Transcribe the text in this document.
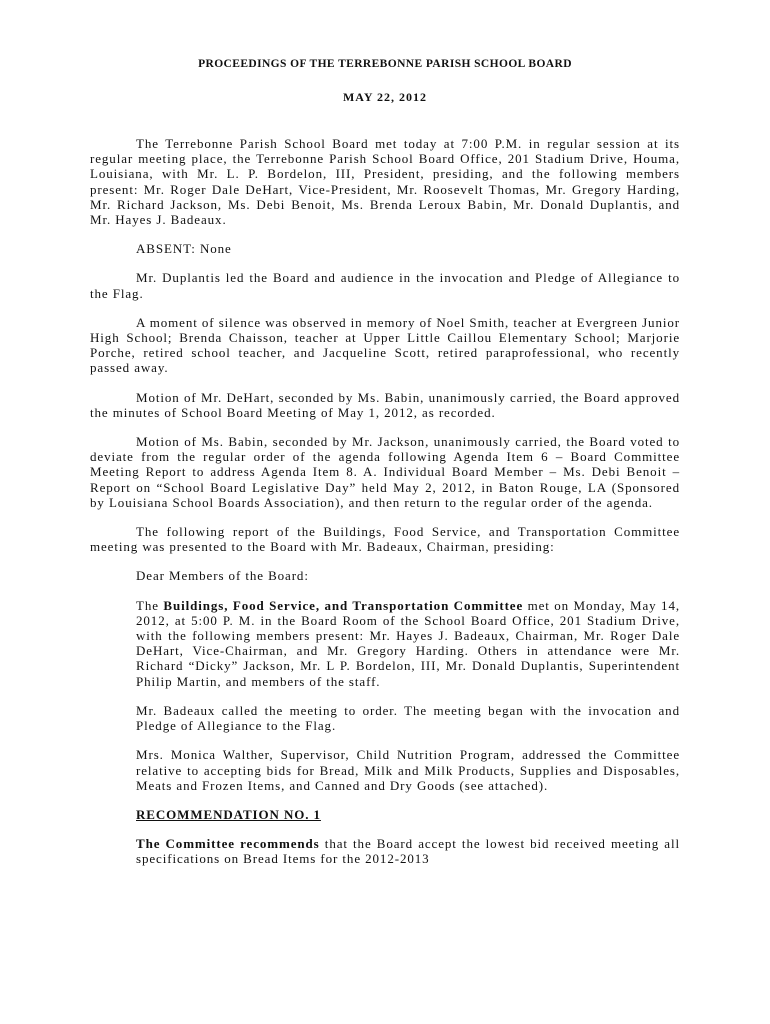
PROCEEDINGS OF THE TERREBONNE PARISH SCHOOL BOARD

MAY 22, 2012

The Terrebonne Parish School Board met today at 7:00 P.M. in regular session at its regular meeting place, the Terrebonne Parish School Board Office, 201 Stadium Drive, Houma, Louisiana, with Mr. L. P. Bordelon, III, President, presiding, and the following members present: Mr. Roger Dale DeHart, Vice-President, Mr. Roosevelt Thomas, Mr. Gregory Harding, Mr. Richard Jackson, Ms. Debi Benoit, Ms. Brenda Leroux Babin, Mr. Donald Duplantis, and Mr. Hayes J. Badeaux.

ABSENT: None

Mr. Duplantis led the Board and audience in the invocation and Pledge of Allegiance to the Flag.

A moment of silence was observed in memory of Noel Smith, teacher at Evergreen Junior High School; Brenda Chaisson, teacher at Upper Little Caillou Elementary School; Marjorie Porche, retired school teacher, and Jacqueline Scott, retired paraprofessional, who recently passed away.

Motion of Mr. DeHart, seconded by Ms. Babin, unanimously carried, the Board approved the minutes of School Board Meeting of May 1, 2012, as recorded.

Motion of Ms. Babin, seconded by Mr. Jackson, unanimously carried, the Board voted to deviate from the regular order of the agenda following Agenda Item 6 – Board Committee Meeting Report to address Agenda Item 8. A. Individual Board Member – Ms. Debi Benoit – Report on “School Board Legislative Day” held May 2, 2012, in Baton Rouge, LA (Sponsored by Louisiana School Boards Association), and then return to the regular order of the agenda.

The following report of the Buildings, Food Service, and Transportation Committee meeting was presented to the Board with Mr. Badeaux, Chairman, presiding:

Dear Members of the Board:

The Buildings, Food Service, and Transportation Committee met on Monday, May 14, 2012, at 5:00 P. M. in the Board Room of the School Board Office, 201 Stadium Drive, with the following members present: Mr. Hayes J. Badeaux, Chairman, Mr. Roger Dale DeHart, Vice-Chairman, and Mr. Gregory Harding. Others in attendance were Mr. Richard “Dicky” Jackson, Mr. L P. Bordelon, III, Mr. Donald Duplantis, Superintendent Philip Martin, and members of the staff.

Mr. Badeaux called the meeting to order. The meeting began with the invocation and Pledge of Allegiance to the Flag.

Mrs. Monica Walther, Supervisor, Child Nutrition Program, addressed the Committee relative to accepting bids for Bread, Milk and Milk Products, Supplies and Disposables, Meats and Frozen Items, and Canned and Dry Goods (see attached).

RECOMMENDATION NO. 1

The Committee recommends that the Board accept the lowest bid received meeting all specifications on Bread Items for the 2012-2013
